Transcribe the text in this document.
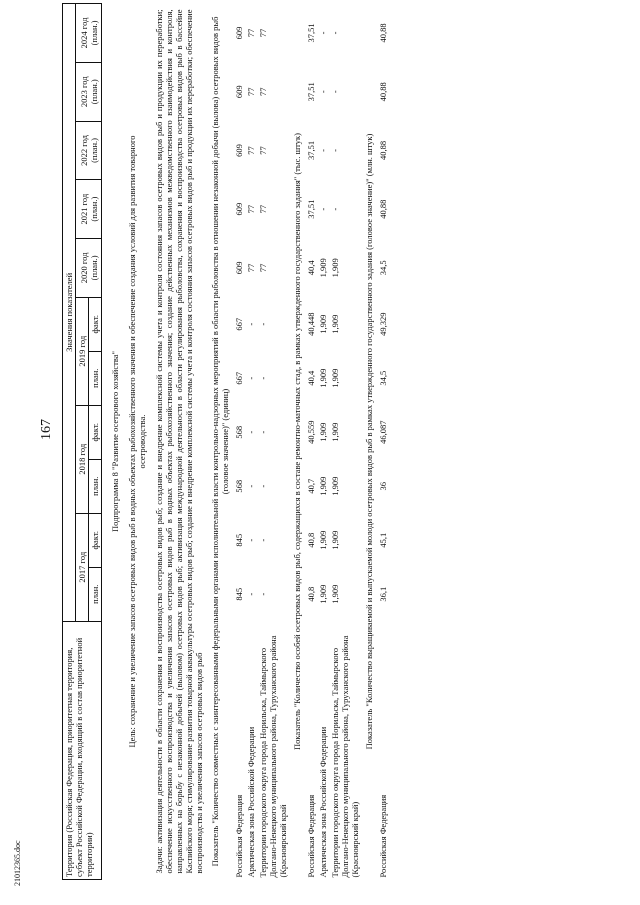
167
21012365.doc	Территория (Российская Федерация, приоритетная территория, субъект Российской Федерации, входящий в состав приоритетной территории)	Значения показателей										
	2017 год		2018 год		2019 год		2020 год (план.)	2021 год (план.)	2022 год (план.)	2023 год (план.)	2024 год (план.)
	план.	факт.	план.	факт.	план.	факт.					
Подпрограмма 8 "Развитие осетрового хозяйства"											
Цель: сохранение и увеличение запасов осетровых видов рыб в водных объектах рыбохозяйственного значения и обеспечение создания условий для развития товарного осетроводства.											
Задачи: активизация деятельности в области сохранения и воспроизводства осетровых видов рыб; создание и внедрение комплексной системы учета и контроля состояния запасов осетровых видов рыб и продукции их переработки; обеспечение искусственного воспроизводства и увеличения запасов осетровых видов рыб в водных объектах рыбохозяйственного значения; создание действенных механизмов межведомственного взаимодействия и контроля, направленных на борьбу с незаконной добычей (выловом) осетровых видов рыб; активизация международной деятельности в области регулирования рыболовства, сохранения и воспроизводства осетровых видов рыб в бассейне Каспийского моря; стимулирование развития товарной аквакультуры осетровых видов рыб; создание и внедрение комплексной системы учета и контроля состояния запасов осетровых видов рыб и продукции их переработки; обеспечение воспроизводства и увеличения запасов осетровых видов рыб											
Показатель "Количество совместных с заинтересованными федеральными органами исполнительной власти контрольно-надзорных мероприятий в области рыболовства в отношении незаконной добычи (вылова) осетровых видов рыб (головое значение)" (единиц)											
Российская Федерация	845	845	568	568	667	667	609	609	609	609	609
Арктическая зона Российской Федерации	-	-	-	-	-	-	77	77	77	77	77
Территории городского округа города Норильска, Таймырского Долгано-Ненецкого муниципального района, Туруханского района (Красноярский край	-	-	-	-	-	-	77	77	77	77	77
Показатель "Количество особей осетровых видов рыб, содержащихся в составе ремонтно-маточных стад, в рамках утвержденного государственного задания" (тыс. штук)											
Российская Федерация	40,8	40,8	40,7	40,559	40,4	40,448	40,4	37,51	37,51	37,51	37,51
Арктическая зона Российской Федерации	1,909	1,909	1,909	1,909	1,909	1,909	1,909	-	-	-	-
Территории городского округа города Норильска, Таймырского Долгано-Ненецкого муниципального района, Туруханского района (Красноярский край)	1,909	1,909	1,909	1,909	1,909	1,909	1,909	-	-	-	-
Показатель "Количество выращиваемой и выпускаемой молоди осетровых видов рыб в рамках утвержденного государственного задания (головое значение)" (млн. штук)											
Российская Федерация	36,1	45,1	36	46,087	34,5	49,329	34,5	40,88	40,88	40,88	40,88
